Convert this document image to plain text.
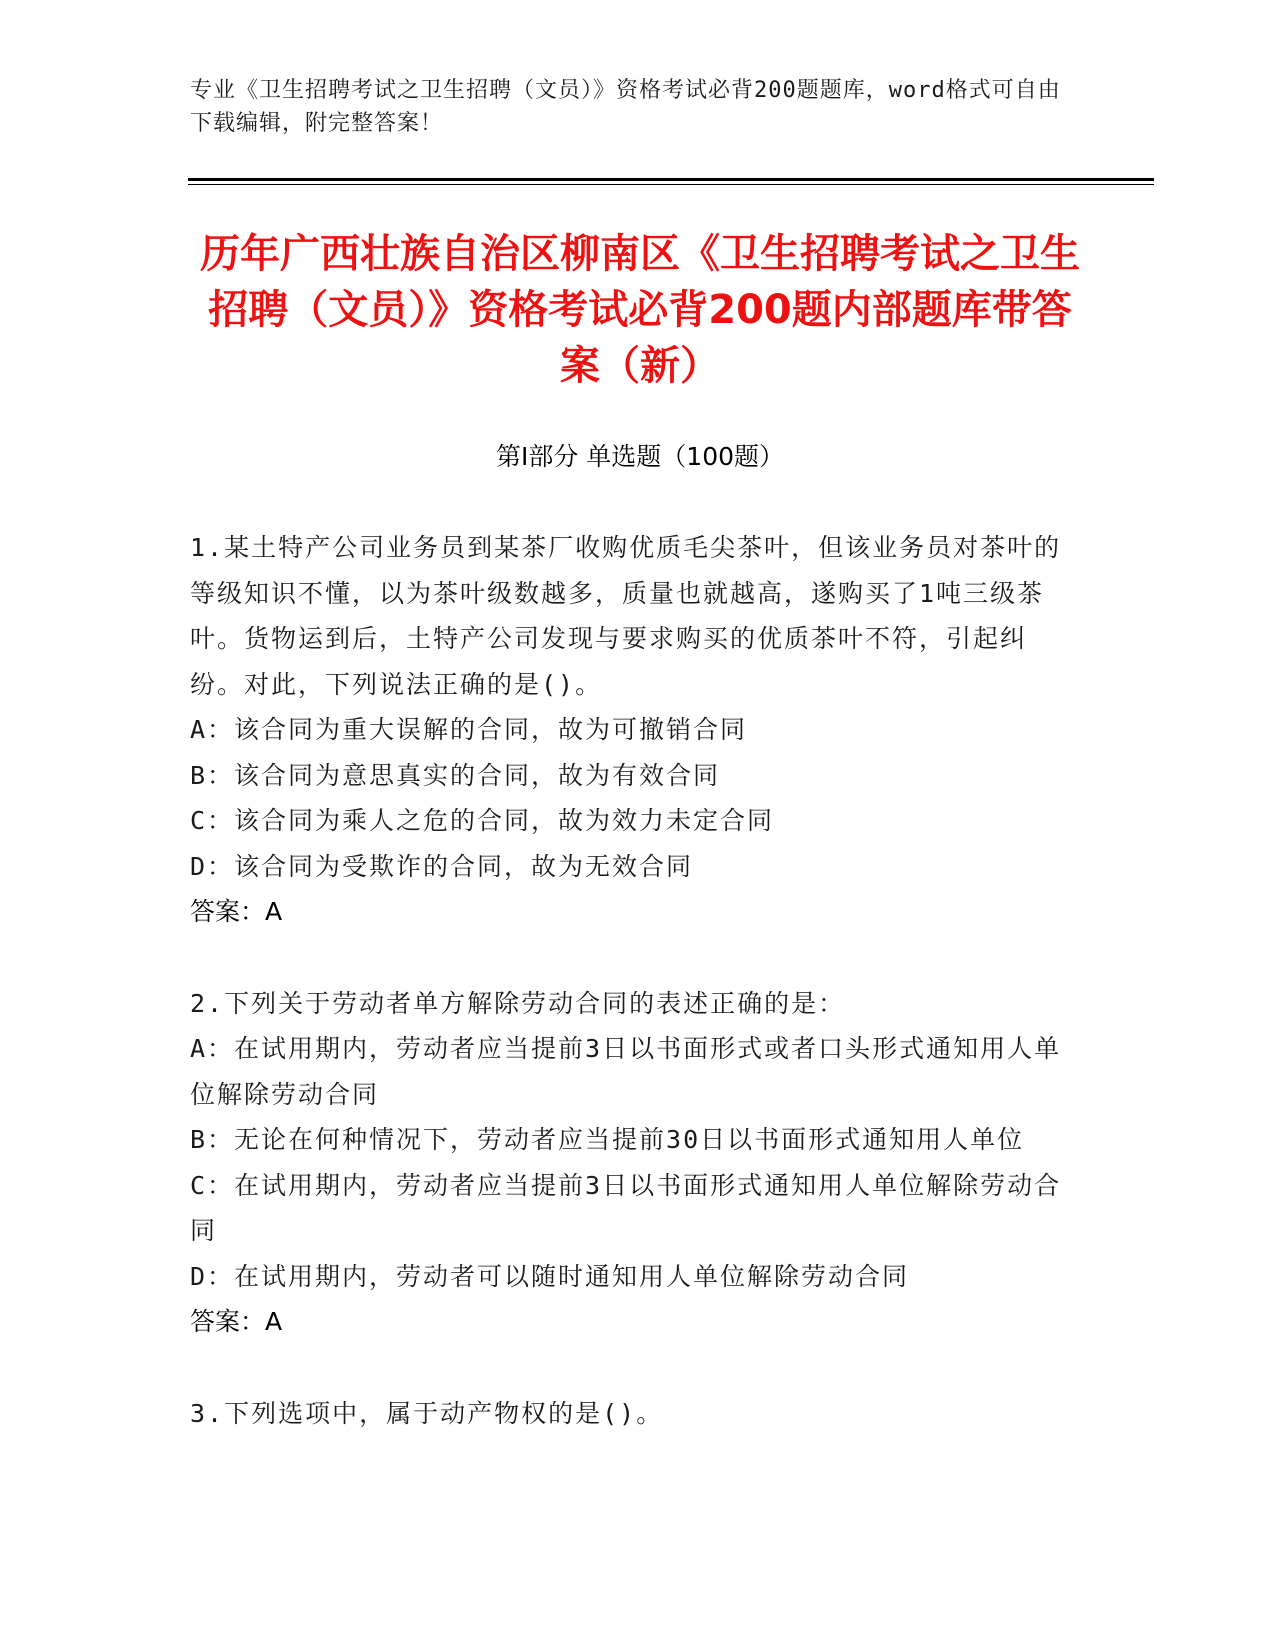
专业《卫生招聘考试之卫生招聘（文员）》资格考试必背200题题库，word格式可自由下载编辑，附完整答案！
历年广西壮族自治区柳南区《卫生招聘考试之卫生招聘（文员）》资格考试必背200题内部题库带答案（新）
第I部分 单选题（100题）
1.某土特产公司业务员到某茶厂收购优质毛尖茶叶，但该业务员对茶叶的等级知识不懂，以为茶叶级数越多，质量也就越高，遂购买了1吨三级茶叶。货物运到后，土特产公司发现与要求购买的优质茶叶不符，引起纠纷。对此，下列说法正确的是()。
A：该合同为重大误解的合同，故为可撤销合同
B：该合同为意思真实的合同，故为有效合同
C：该合同为乘人之危的合同，故为效力未定合同
D：该合同为受欺诈的合同，故为无效合同
答案：A
2.下列关于劳动者单方解除劳动合同的表述正确的是：
A：在试用期内，劳动者应当提前3日以书面形式或者口头形式通知用人单位解除劳动合同
B：无论在何种情况下，劳动者应当提前30日以书面形式通知用人单位
C：在试用期内，劳动者应当提前3日以书面形式通知用人单位解除劳动合同
D：在试用期内，劳动者可以随时通知用人单位解除劳动合同
答案：A
3.下列选项中，属于动产物权的是()。
